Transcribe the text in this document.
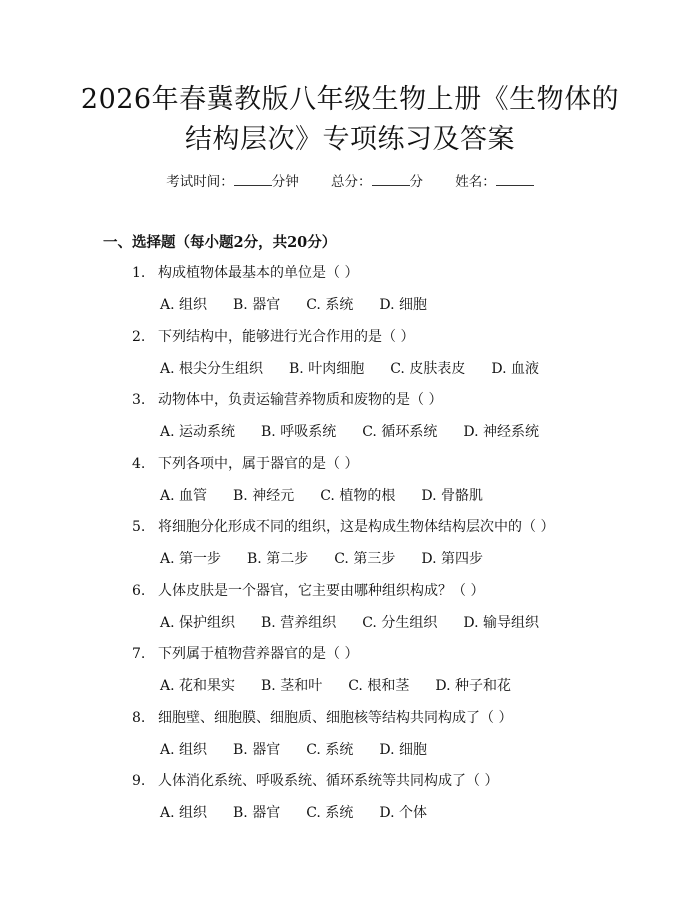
2026年春冀教版八年级生物上册《生物体的
结构层次》专项练习及答案
考试时间：	分钟 总分：	分 姓名：
一、选择题（每小题2分，共20分）
1. 构成植物体最基本的单位是（ ）
A. 组织 B. 器官 C. 系统 D. 细胞
2. 下列结构中，能够进行光合作用的是（ ）
A. 根尖分生组织 B. 叶肉细胞 C. 皮肤表皮 D. 血液
3. 动物体中，负责运输营养物质和废物的是（ ）
A. 运动系统 B. 呼吸系统 C. 循环系统 D. 神经系统
4. 下列各项中，属于器官的是（ ）
A. 血管 B. 神经元 C. 植物的根 D. 骨骼肌
5. 将细胞分化形成不同的组织，这是构成生物体结构层次中的（ ）
A. 第一步 B. 第二步 C. 第三步 D. 第四步
6. 人体皮肤是一个器官，它主要由哪种组织构成？（ ）
A. 保护组织 B. 营养组织 C. 分生组织 D. 输导组织
7. 下列属于植物营养器官的是（ ）
A. 花和果实 B. 茎和叶 C. 根和茎 D. 种子和花
8. 细胞壁、细胞膜、细胞质、细胞核等结构共同构成了（ ）
A. 组织 B. 器官 C. 系统 D. 细胞
9. 人体消化系统、呼吸系统、循环系统等共同构成了（ ）
A. 组织 B. 器官 C. 系统 D. 个体
